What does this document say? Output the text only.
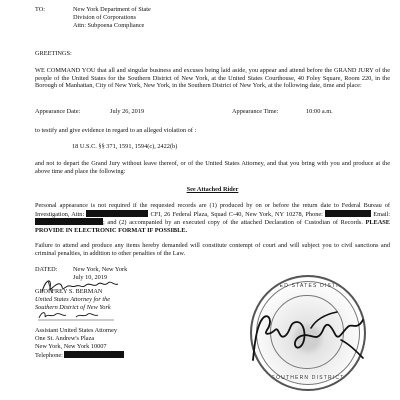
TO:	New York Department of State
Division of Corporations
Attn: Subpoena Compliance
GREETINGS:
WE COMMAND YOU that all and singular business and excuses being laid aside, you appear and attend before the GRAND JURY of the people of the United States for the Southern District of New York, at the United States Courthouse, 40 Foley Square, Room 220, in the Borough of Manhattan, City of New York, New York, in the Southern District of New York, at the following date, time and place:
Appearance Date:	July 26, 2019	Appearance Time:	10:00 a.m.
to testify and give evidence in regard to an alleged violation of :
18 U.S.C. §§ 371, 1591, 1594(c), 2422(b)
and not to depart the Grand Jury without leave thereof, or of the United States Attorney, and that you bring with you and produce at the above time and place the following:
See Attached Rider
Personal appearance is not required if the requested records are (1) produced by on or before the return date to Federal Bureau of Investigation, Attn:	CFI, 26 Federal Plaza, Squad C-40, New York, NY 10278, Phone:	Email: ; and (2) accompanied by an executed copy of the attached Declaration of Custodian of Records. PLEASE PROVIDE IN ELECTRONIC FORMAT IF POSSIBLE.
Failure to attend and produce any items hereby demanded will constitute contempt of court and will subject you to civil sanctions and criminal penalties, in addition to other penalties of the Law.
DATED: New York, New York
July 10, 2019
GEOFFREY S. BERMAN
United States Attorney for the
Southern District of New York
Assistant United States Attorney
One St. Andrew's Plaza
New York, New York 10007
Telephone:
UNITED STATES DISTRICT
SOUTHERN DISTRICT
